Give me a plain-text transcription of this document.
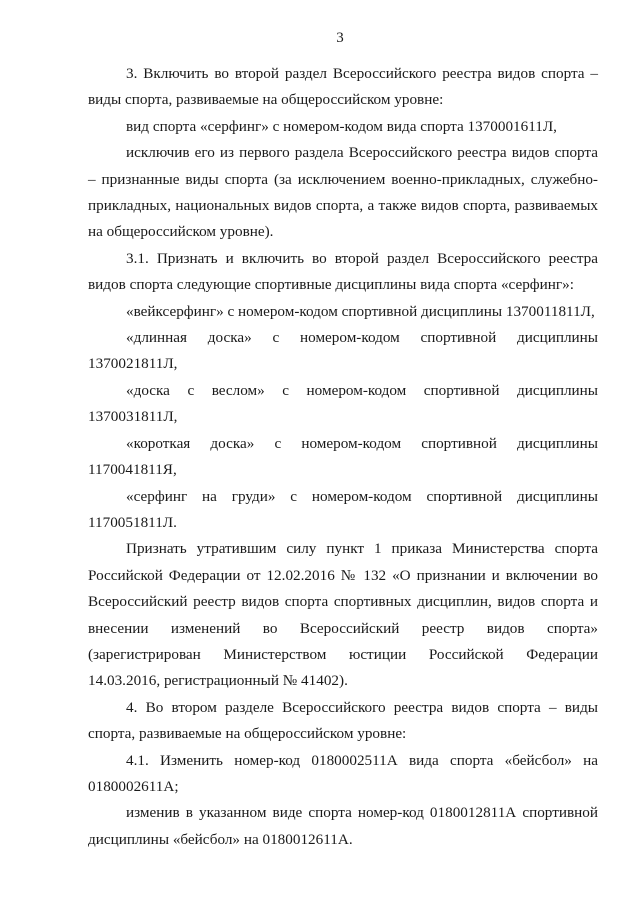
3

3. Включить во второй раздел Всероссийского реестра видов спорта – виды спорта, развиваемые на общероссийском уровне:

вид спорта «серфинг» с номером-кодом вида спорта 1370001611Л,

исключив его из первого раздела Всероссийского реестра видов спорта – признанные виды спорта (за исключением военно-прикладных, служебно-прикладных, национальных видов спорта, а также видов спорта, развиваемых на общероссийском уровне).

3.1. Признать и включить во второй раздел Всероссийского реестра видов спорта следующие спортивные дисциплины вида спорта «серфинг»:

«вейксерфинг» с номером-кодом спортивной дисциплины 1370011811Л,

«длинная доска» с номером-кодом спортивной дисциплины 1370021811Л,

«доска с веслом» с номером-кодом спортивной дисциплины 1370031811Л,

«короткая доска» с номером-кодом спортивной дисциплины 1170041811Я,

«серфинг на груди» с номером-кодом спортивной дисциплины 1170051811Л.

Признать утратившим силу пункт 1 приказа Министерства спорта Российской Федерации от 12.02.2016 № 132 «О признании и включении во Всероссийский реестр видов спорта спортивных дисциплин, видов спорта и внесении изменений во Всероссийский реестр видов спорта» (зарегистрирован Министерством юстиции Российской Федерации 14.03.2016, регистрационный № 41402).

4. Во втором разделе Всероссийского реестра видов спорта – виды спорта, развиваемые на общероссийском уровне:

4.1. Изменить номер-код 0180002511А вида спорта «бейсбол» на 0180002611А;

изменив в указанном виде спорта номер-код 0180012811А спортивной дисциплины «бейсбол» на 0180012611А.
